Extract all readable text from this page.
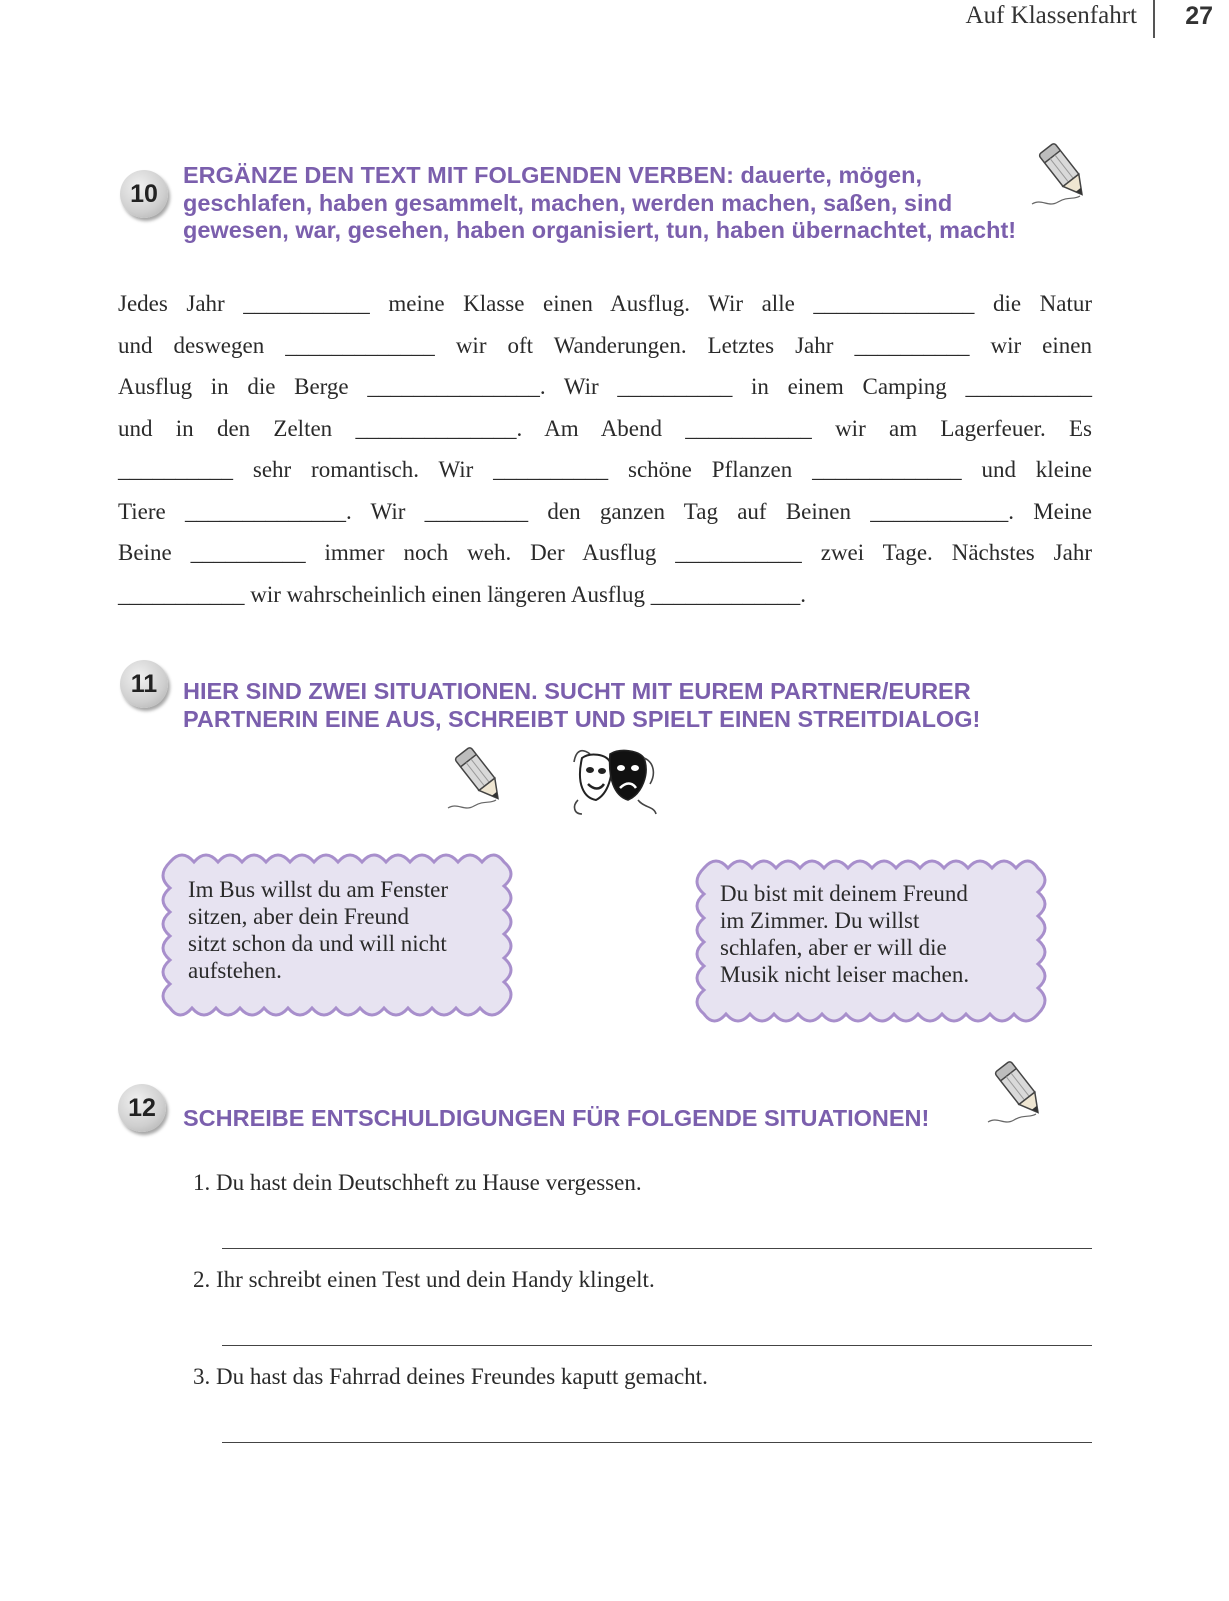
Auf Klassenfahrt 27
10

ERGÄNZE DEN TEXT MIT FOLGENDEN VERBEN: dauerte, mögen,
geschlafen, haben gesammelt, machen, werden machen, saßen, sind
gewesen, war, gesehen, haben organisiert, tun, haben übernachtet, macht!

Jedes Jahr ___________ meine Klasse einen Ausflug. Wir alle ______________ die Natur
und deswegen _____________ wir oft Wanderungen. Letztes Jahr __________ wir einen
Ausflug in die Berge _______________. Wir __________ in einem Camping ___________
und in den Zelten ______________. Am Abend ___________ wir am Lagerfeuer. Es
__________ sehr romantisch. Wir __________ schöne Pflanzen _____________ und kleine
Tiere ______________. Wir _________ den ganzen Tag auf Beinen ____________. Meine
Beine __________ immer noch weh. Der Ausflug ___________ zwei Tage. Nächstes Jahr
___________ wir wahrscheinlich einen längeren Ausflug _____________.
11	HIER SIND ZWEI SITUATIONEN. SUCHT MIT EUREM PARTNER/EURER
PARTNERIN EINE AUS, SCHREIBT UND SPIELT EINEN STREITDIALOG!

Im Bus willst du am Fenster
sitzen, aber dein Freund
sitzt schon da und will nicht
aufstehen.

Du bist mit deinem Freund
im Zimmer. Du willst
schlafen, aber er will die
Musik nicht leiser machen.

12	SCHREIBE ENTSCHULDIGUNGEN FÜR FOLGENDE SITUATIONEN!

1. Du hast dein Deutschheft zu Hause vergessen.

2. Ihr schreibt einen Test und dein Handy klingelt.

3. Du hast das Fahrrad deines Freundes kaputt gemacht.
